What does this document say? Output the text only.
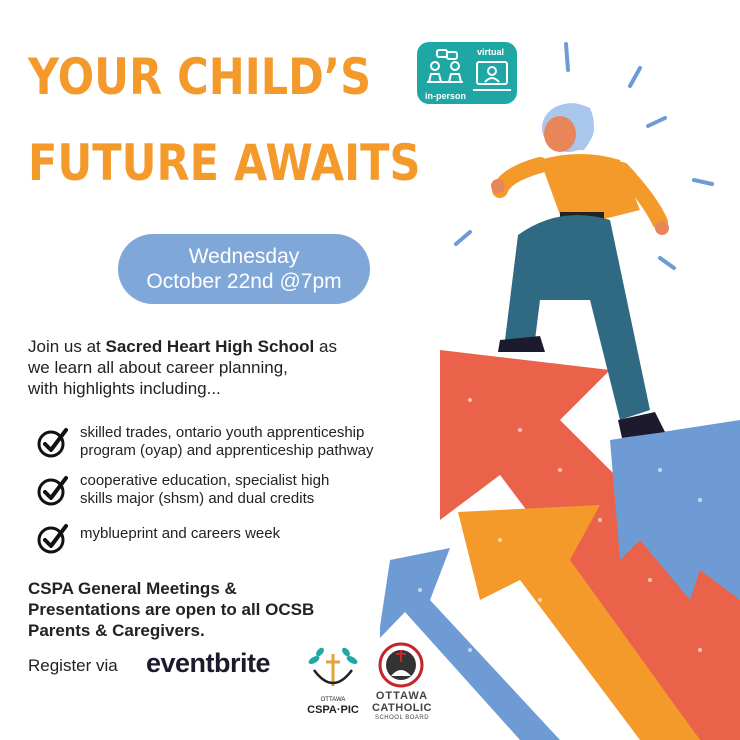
YOUR CHILD’S
FUTURE AWAITS
virtual
in-person
Wednesday
October 22nd @7pm
Join us at Sacred Heart High School as
we learn all about career planning,
with highlights including...
skilled trades, ontario youth apprenticeship
program (oyap) and apprenticeship pathway
cooperative education, specialist high
skills major (shsm) and dual credits
myblueprint and careers week
CSPA General Meetings &
Presentations are open to all OCSB
Parents & Caregivers.
Register via eventbrite
OTTAWA
CSPA·PIC
OTTAWA
CATHOLIC
SCHOOL BOARD
